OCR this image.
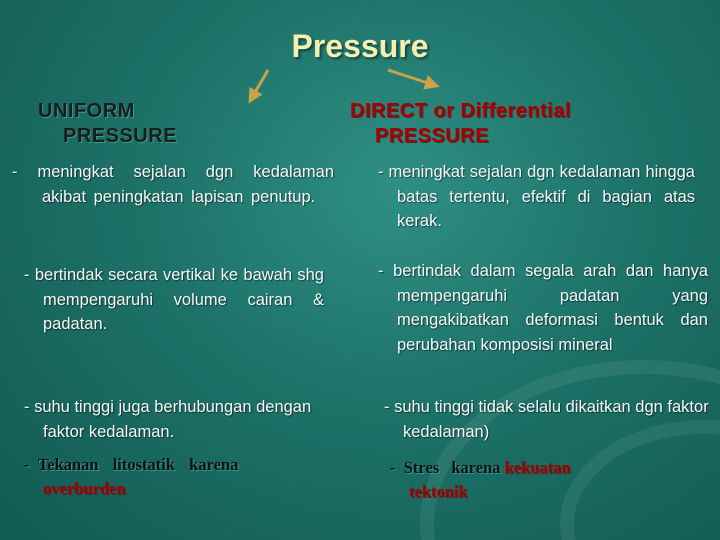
Pressure
UNIFORM
PRESSURE
- meningkat sejalan dgn kedalaman akibat peningkatan lapisan penutup.
- bertindak secara vertikal ke bawah shg mempengaruhi volume cairan & padatan.
- suhu tinggi juga berhubungan dengan faktor kedalaman.
- Tekanan litostatik karena
overburden
DIRECT or Differential
PRESSURE
- meningkat sejalan dgn kedalaman hingga batas tertentu, efektif di bagian atas kerak.
- bertindak dalam segala arah dan hanya mempengaruhi padatan yang mengakibatkan deformasi bentuk dan perubahan komposisi mineral
- suhu tinggi tidak selalu dikaitkan dgn faktor kedalaman)
- Stres karena kekuatan
tektonik
